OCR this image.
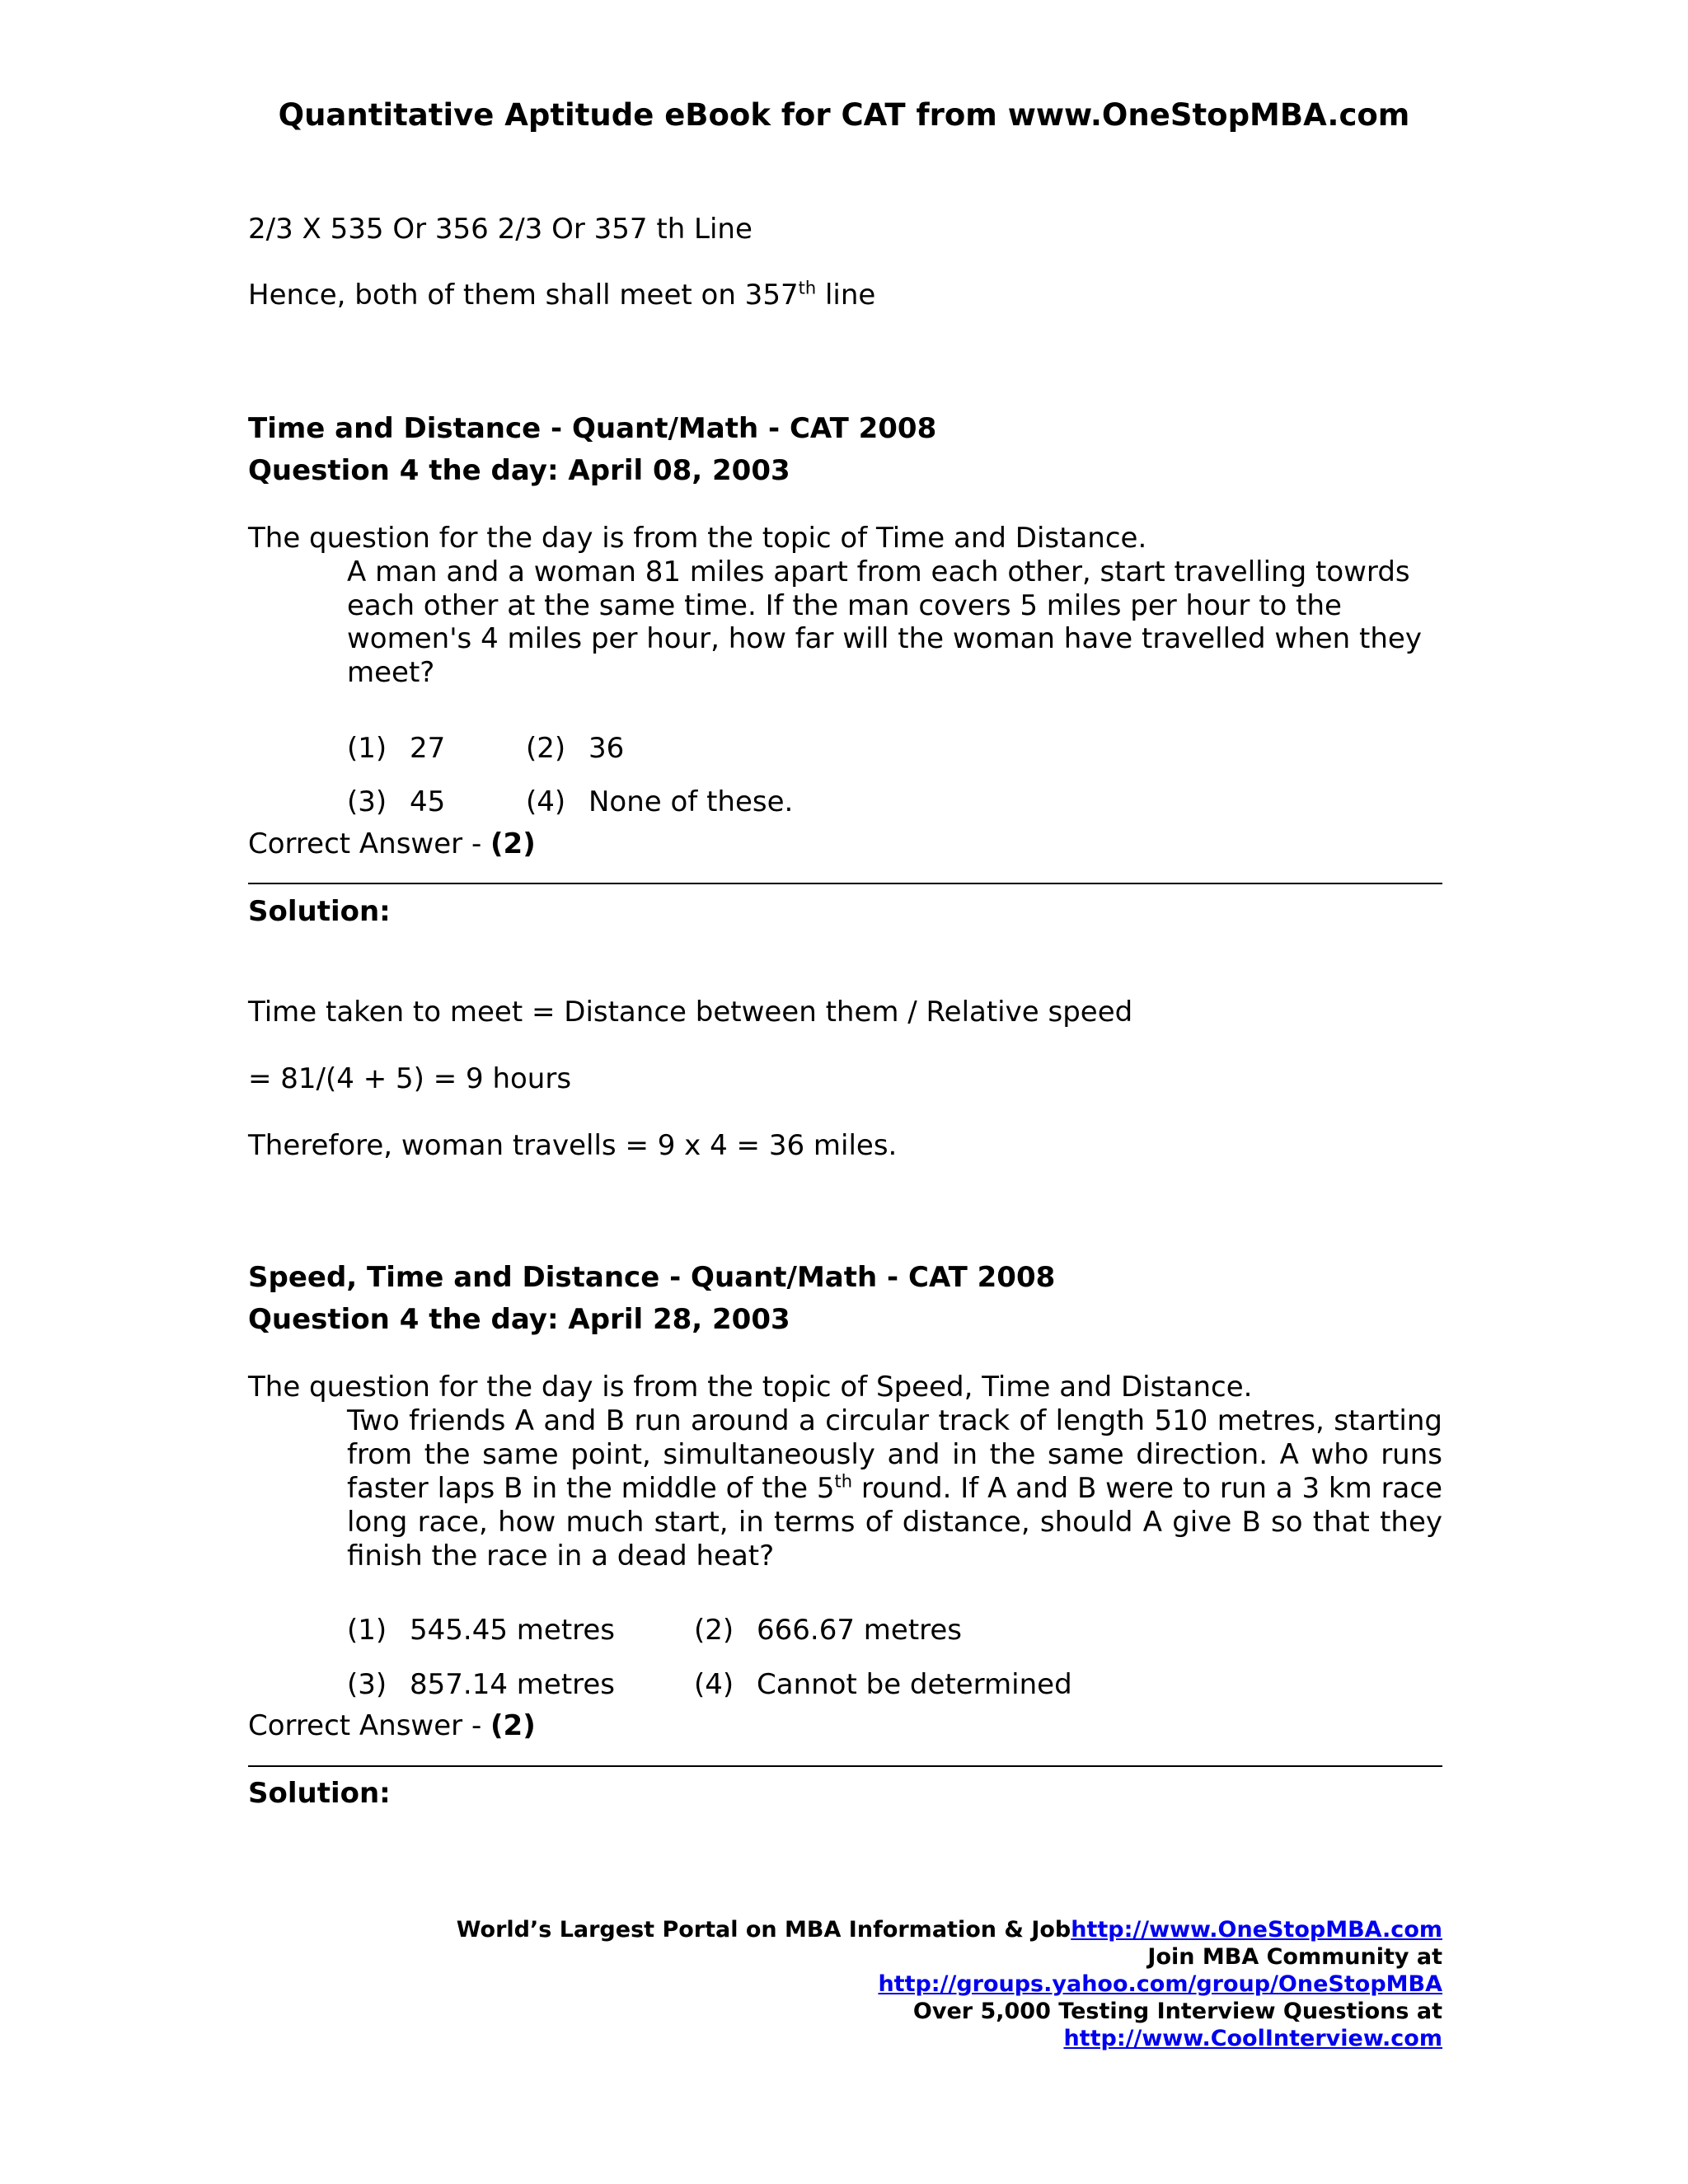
Quantitative Aptitude eBook for CAT from www.OneStopMBA.com
2/3 X 535 Or 356 2/3 Or 357 th Line
Hence, both of them shall meet on 357th line
Time and Distance - Quant/Math - CAT 2008
Question 4 the day: April 08, 2003
The question for the day is from the topic of Time and Distance.
A man and a woman 81 miles apart from each other, start travelling towrds
each other at the same time. If the man covers 5 miles per hour to the
women's 4 miles per hour, how far will the woman have travelled when they
meet?
(1) 27	(2) 36
(3) 45	(4) None of these.
Correct Answer - (2)
Solution:
Time taken to meet = Distance between them / Relative speed
= 81/(4 + 5) = 9 hours
Therefore, woman travells = 9 x 4 = 36 miles.
Speed, Time and Distance - Quant/Math - CAT 2008
Question 4 the day: April 28, 2003
The question for the day is from the topic of Speed, Time and Distance.
Two friends A and B run around a circular track of length 510 metres, starting from the same point, simultaneously and in the same direction. A who runs faster laps B in the middle of the 5th round. If A and B were to run a 3 km race long race, how much start, in terms of distance, should A give B so that they finish the race in a dead heat?
(1) 545.45 metres	(2) 666.67 metres
(3) 857.14 metres	(4) Cannot be determined
Correct Answer - (2)
Solution:
World’s Largest Portal on MBA Information & Jobhttp://www.OneStopMBA.com
Join MBA Community at
http://groups.yahoo.com/group/OneStopMBA
Over 5,000 Testing Interview Questions at
http://www.CoolInterview.com
